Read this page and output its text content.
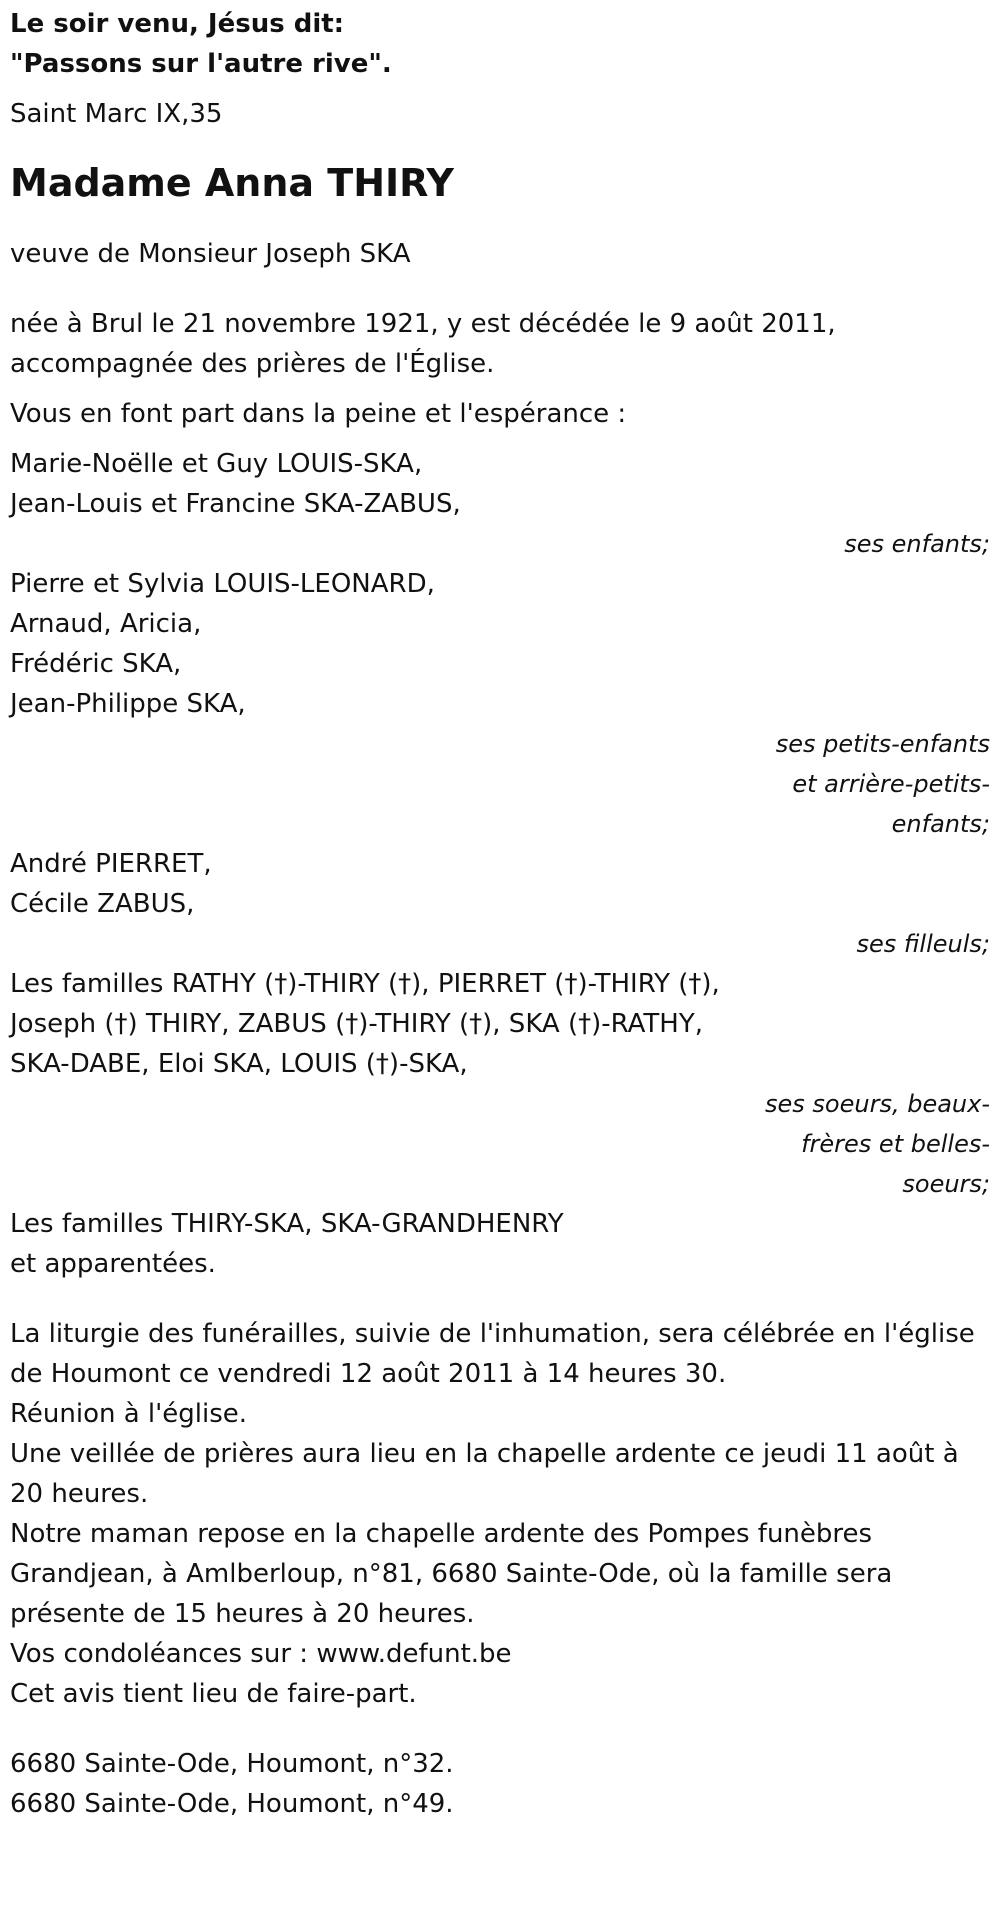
Le soir venu, Jésus dit:
"Passons sur l'autre rive".
Saint Marc IX,35
Madame Anna THIRY
veuve de Monsieur Joseph SKA
née à Brul le 21 novembre 1921, y est décédée le 9 août 2011,
accompagnée des prières de l'Église.
Vous en font part dans la peine et l'espérance :
Marie-Noëlle et Guy LOUIS-SKA,
Jean-Louis et Francine SKA-ZABUS,
ses enfants;
Pierre et Sylvia LOUIS-LEONARD,
Arnaud, Aricia,
Frédéric SKA,
Jean-Philippe SKA,
ses petits-enfants
et arrière-petits-
enfants;
André PIERRET,
Cécile ZABUS,
ses filleuls;
Les familles RATHY (†)-THIRY (†), PIERRET (†)-THIRY (†),
Joseph (†) THIRY, ZABUS (†)-THIRY (†), SKA (†)-RATHY,
SKA-DABE, Eloi SKA, LOUIS (†)-SKA,
ses soeurs, beaux-
frères et belles-
soeurs;
Les familles THIRY-SKA, SKA-GRANDHENRY
et apparentées.
La liturgie des funérailles, suivie de l'inhumation, sera célébrée en l'église
de Houmont ce vendredi 12 août 2011 à 14 heures 30.
Réunion à l'église.
Une veillée de prières aura lieu en la chapelle ardente ce jeudi 11 août à
20 heures.
Notre maman repose en la chapelle ardente des Pompes funèbres
Grandjean, à Amlberloup, n°81, 6680 Sainte-Ode, où la famille sera
présente de 15 heures à 20 heures.
Vos condoléances sur : www.defunt.be
Cet avis tient lieu de faire-part.
6680 Sainte-Ode, Houmont, n°32.
6680 Sainte-Ode, Houmont, n°49.
